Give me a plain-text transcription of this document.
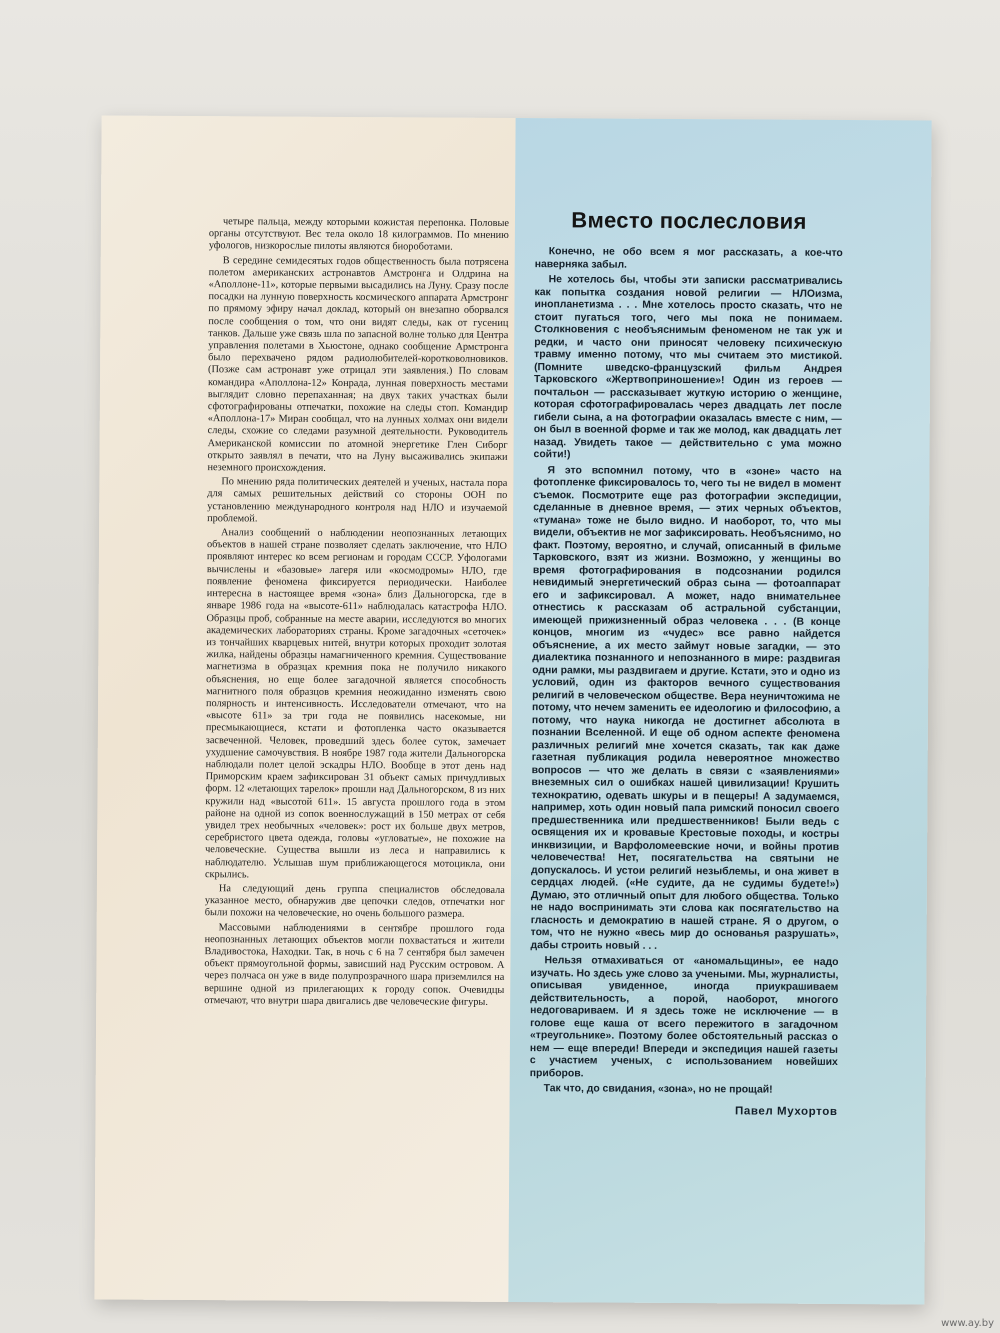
четыре пальца, между которыми кожистая перепонка. Половые органы отсутствуют. Вес тела около 18 килограммов. По мнению уфологов, низкорослые пилоты являются биороботами.

В середине семидесятых годов общественность была потрясена полетом американских астронавтов Амстронга и Олдрина на «Аполлоне-11», которые первыми высадились на Луну. Сразу после посадки на лунную поверхность космического аппарата Армстронг по прямому эфиру начал доклад, который он внезапно оборвался после сообщения о том, что они видят следы, как от гусениц танков. Дальше уже связь шла по запасной волне только для Центра управления полетами в Хьюстоне, однако сообщение Армстронга было перехвачено рядом радиолюбителей-коротковолновиков. (Позже сам астронавт уже отрицал эти заявления.) По словам командира «Аполлона-12» Конрада, лунная поверхность местами выглядит словно перепаханная; на двух таких участках были сфотографированы отпечатки, похожие на следы стоп. Командир «Аполлона-17» Миран сообщал, что на лунных холмах они видели следы, схожие со следами разумной деятельности. Руководитель Американской комиссии по атомной энергетике Глен Сиборг открыто заявлял в печати, что на Луну высаживались экипажи неземного происхождения.

По мнению ряда политических деятелей и ученых, настала пора для самых решительных действий со стороны ООН по установлению международного контроля над НЛО и изучаемой проблемой.

Анализ сообщений о наблюдении неопознанных летающих объектов в нашей стране позволяет сделать заключение, что НЛО проявляют интерес ко всем регионам и городам СССР. Уфологами вычислены и «базовые» лагеря или «космодромы» НЛО, где появление феномена фиксируется периодически. Наиболее интересна в настоящее время «зона» близ Дальногорска, где в январе 1986 года на «высоте-611» наблюдалась катастрофа НЛО. Образцы проб, собранные на месте аварии, исследуются во многих академических лабораториях страны. Кроме загадочных «сеточек» из тончайших кварцевых нитей, внутри которых проходит золотая жилка, найдены образцы намагниченного кремния. Существование магнетизма в образцах кремния пока не получило никакого объяснения, но еще более загадочной является способность магнитного поля образцов кремния неожиданно изменять свою полярность и интенсивность. Исследователи отмечают, что на «высоте 611» за три года не появились насекомые, ни пресмыкающиеся, кстати и фотопленка часто оказывается засвеченной. Человек, проведший здесь более суток, замечает ухудшение самочувствия. В ноябре 1987 года жители Дальногорска наблюдали полет целой эскадры НЛО. Вообще в этот день над Приморским краем зафиксирован 31 объект самых причудливых форм. 12 «летающих тарелок» прошли над Дальногорском, 8 из них кружили над «высотой 611». 15 августа прошлого года в этом районе на одной из сопок военнослужащий в 150 метрах от себя увидел трех необычных «человек»: рост их больше двух метров, серебристого цвета одежда, головы «угловатые», не похожие на человеческие. Существа вышли из леса и направились к наблюдателю. Услышав шум приближающегося мотоцикла, они скрылись.

На следующий день группа специалистов обследовала указанное место, обнаружив две цепочки следов, отпечатки ног были похожи на человеческие, но очень большого размера.

Массовыми наблюдениями в сентябре прошлого года неопознанных летающих объектов могли похвастаться и жители Владивостока, Находки. Так, в ночь с 6 на 7 сентября был замечен объект прямоугольной формы, зависший над Русским островом. А через полчаса он уже в виде полупрозрачного шара приземлился на вершине одной из прилегающих к городу сопок. Очевидцы отмечают, что внутри шара двигались две человеческие фигуры.

Вместо послесловия

Конечно, не обо всем я мог рассказать, а кое-что наверняка забыл.

Не хотелось бы, чтобы эти записки рассматривались как попытка создания новой религии — НЛОизма, инопланетизма . . . Мне хотелось просто сказать, что не стоит пугаться того, чего мы пока не понимаем. Столкновения с необъяснимым феноменом не так уж и редки, и часто они приносят человеку психическую травму именно потому, что мы считаем это мистикой. (Помните шведско-французский фильм Андрея Тарковского «Жертвоприношение»! Один из героев — почтальон — рассказывает жуткую историю о женщине, которая сфотографировалась через двадцать лет после гибели сына, а на фотографии оказалась вместе с ним, — он был в военной форме и так же молод, как двадцать лет назад. Увидеть такое — действительно с ума можно сойти!)

Я это вспомнил потому, что в «зоне» часто на фотопленке фиксировалось то, чего ты не видел в момент съемок. Посмотрите еще раз фотографии экспедиции, сделанные в дневное время, — этих черных объектов, «тумана» тоже не было видно. И наоборот, то, что мы видели, объектив не мог зафиксировать. Необъяснимо, но факт. Поэтому, вероятно, и случай, описанный в фильме Тарковского, взят из жизни. Возможно, у женщины во время фотографирования в подсознании родился невидимый энергетический образ сына — фотоаппарат его и зафиксировал. А может, надо внимательнее отнестись к рассказам об астральной субстанции, имеющей прижизненный образ человека . . . (В конце концов, многим из «чудес» все равно найдется объяснение, а их место займут новые загадки, — это диалектика познанного и непознанного в мире: раздвигая одни рамки, мы раздвигаем и другие. Кстати, это и одно из условий, один из факторов вечного существования религий в человеческом обществе. Вера неуничтожима не потому, что нечем заменить ее идеологию и философию, а потому, что наука никогда не достигнет абсолюта в познании Вселенной. И еще об одном аспекте феномена различных религий мне хочется сказать, так как даже газетная публикация родила невероятное множество вопросов — что же делать в связи с «заявлениями» внеземных сил о ошибках нашей цивилизации! Крушить технократию, одевать шкуры и в пещеры! А задумаемся, например, хоть один новый папа римский поносил своего предшественника или предшественников! Были ведь с освящения их и кровавые Крестовые походы, и костры инквизиции, и Варфоломеевские ночи, и войны против человечества! Нет, посягательства на святыни не допускалось. И устои религий незыблемы, и она живет в сердцах людей. («Не судите, да не судимы будете!») Думаю, это отличный опыт для любого общества. Только не надо воспринимать эти слова как посягательство на гласность и демократию в нашей стране. Я о другом, о том, что не нужно «весь мир до основанья разрушать», дабы строить новый . . .

Нельзя отмахиваться от «аномальщины», ее надо изучать. Но здесь уже слово за учеными. Мы, журналисты, описывая увиденное, иногда приукрашиваем действительность, а порой, наоборот, многого недоговариваем. И я здесь тоже не исключение — в голове еще каша от всего пережитого в загадочном «треугольнике». Поэтому более обстоятельный рассказ о нем — еще впереди! Впереди и экспедиция нашей газеты с участием ученых, с использованием новейших приборов.

Так что, до свидания, «зона», но не прощай!

Павел Мухортов
www.ay.by
